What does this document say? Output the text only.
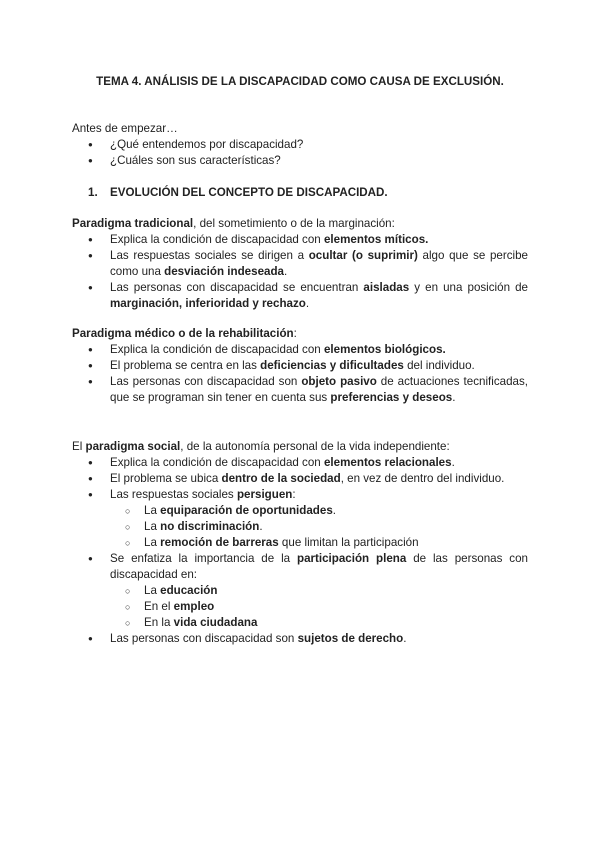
TEMA 4. ANÁLISIS DE LA DISCAPACIDAD COMO CAUSA DE EXCLUSIÓN.

Antes de empezar…

● ¿Qué entendemos por discapacidad?
● ¿Cuáles son sus características?
1. EVOLUCIÓN DEL CONCEPTO DE DISCAPACIDAD.

Paradigma tradicional, del sometimiento o de la marginación:

● Explica la condición de discapacidad con elementos míticos.
● Las respuestas sociales se dirigen a ocultar (o suprimir) algo que se percibe como una desviación indeseada.
● Las personas con discapacidad se encuentran aisladas y en una posición de marginación, inferioridad y rechazo.

Paradigma médico o de la rehabilitación:

● Explica la condición de discapacidad con elementos biológicos.
● El problema se centra en las deficiencias y dificultades del individuo.
● Las personas con discapacidad son objeto pasivo de actuaciones tecnificadas, que se programan sin tener en cuenta sus preferencias y deseos.

El paradigma social, de la autonomía personal de la vida independiente:

● Explica la condición de discapacidad con elementos relacionales.
● El problema se ubica dentro de la sociedad, en vez de dentro del individuo.
● Las respuestas sociales persiguen:
○ La equiparación de oportunidades.
○ La no discriminación.
○ La remoción de barreras que limitan la participación
● Se enfatiza la importancia de la participación plena de las personas con discapacidad en:
○ La educación
○ En el empleo
○ En la vida ciudadana
● Las personas con discapacidad son sujetos de derecho.
